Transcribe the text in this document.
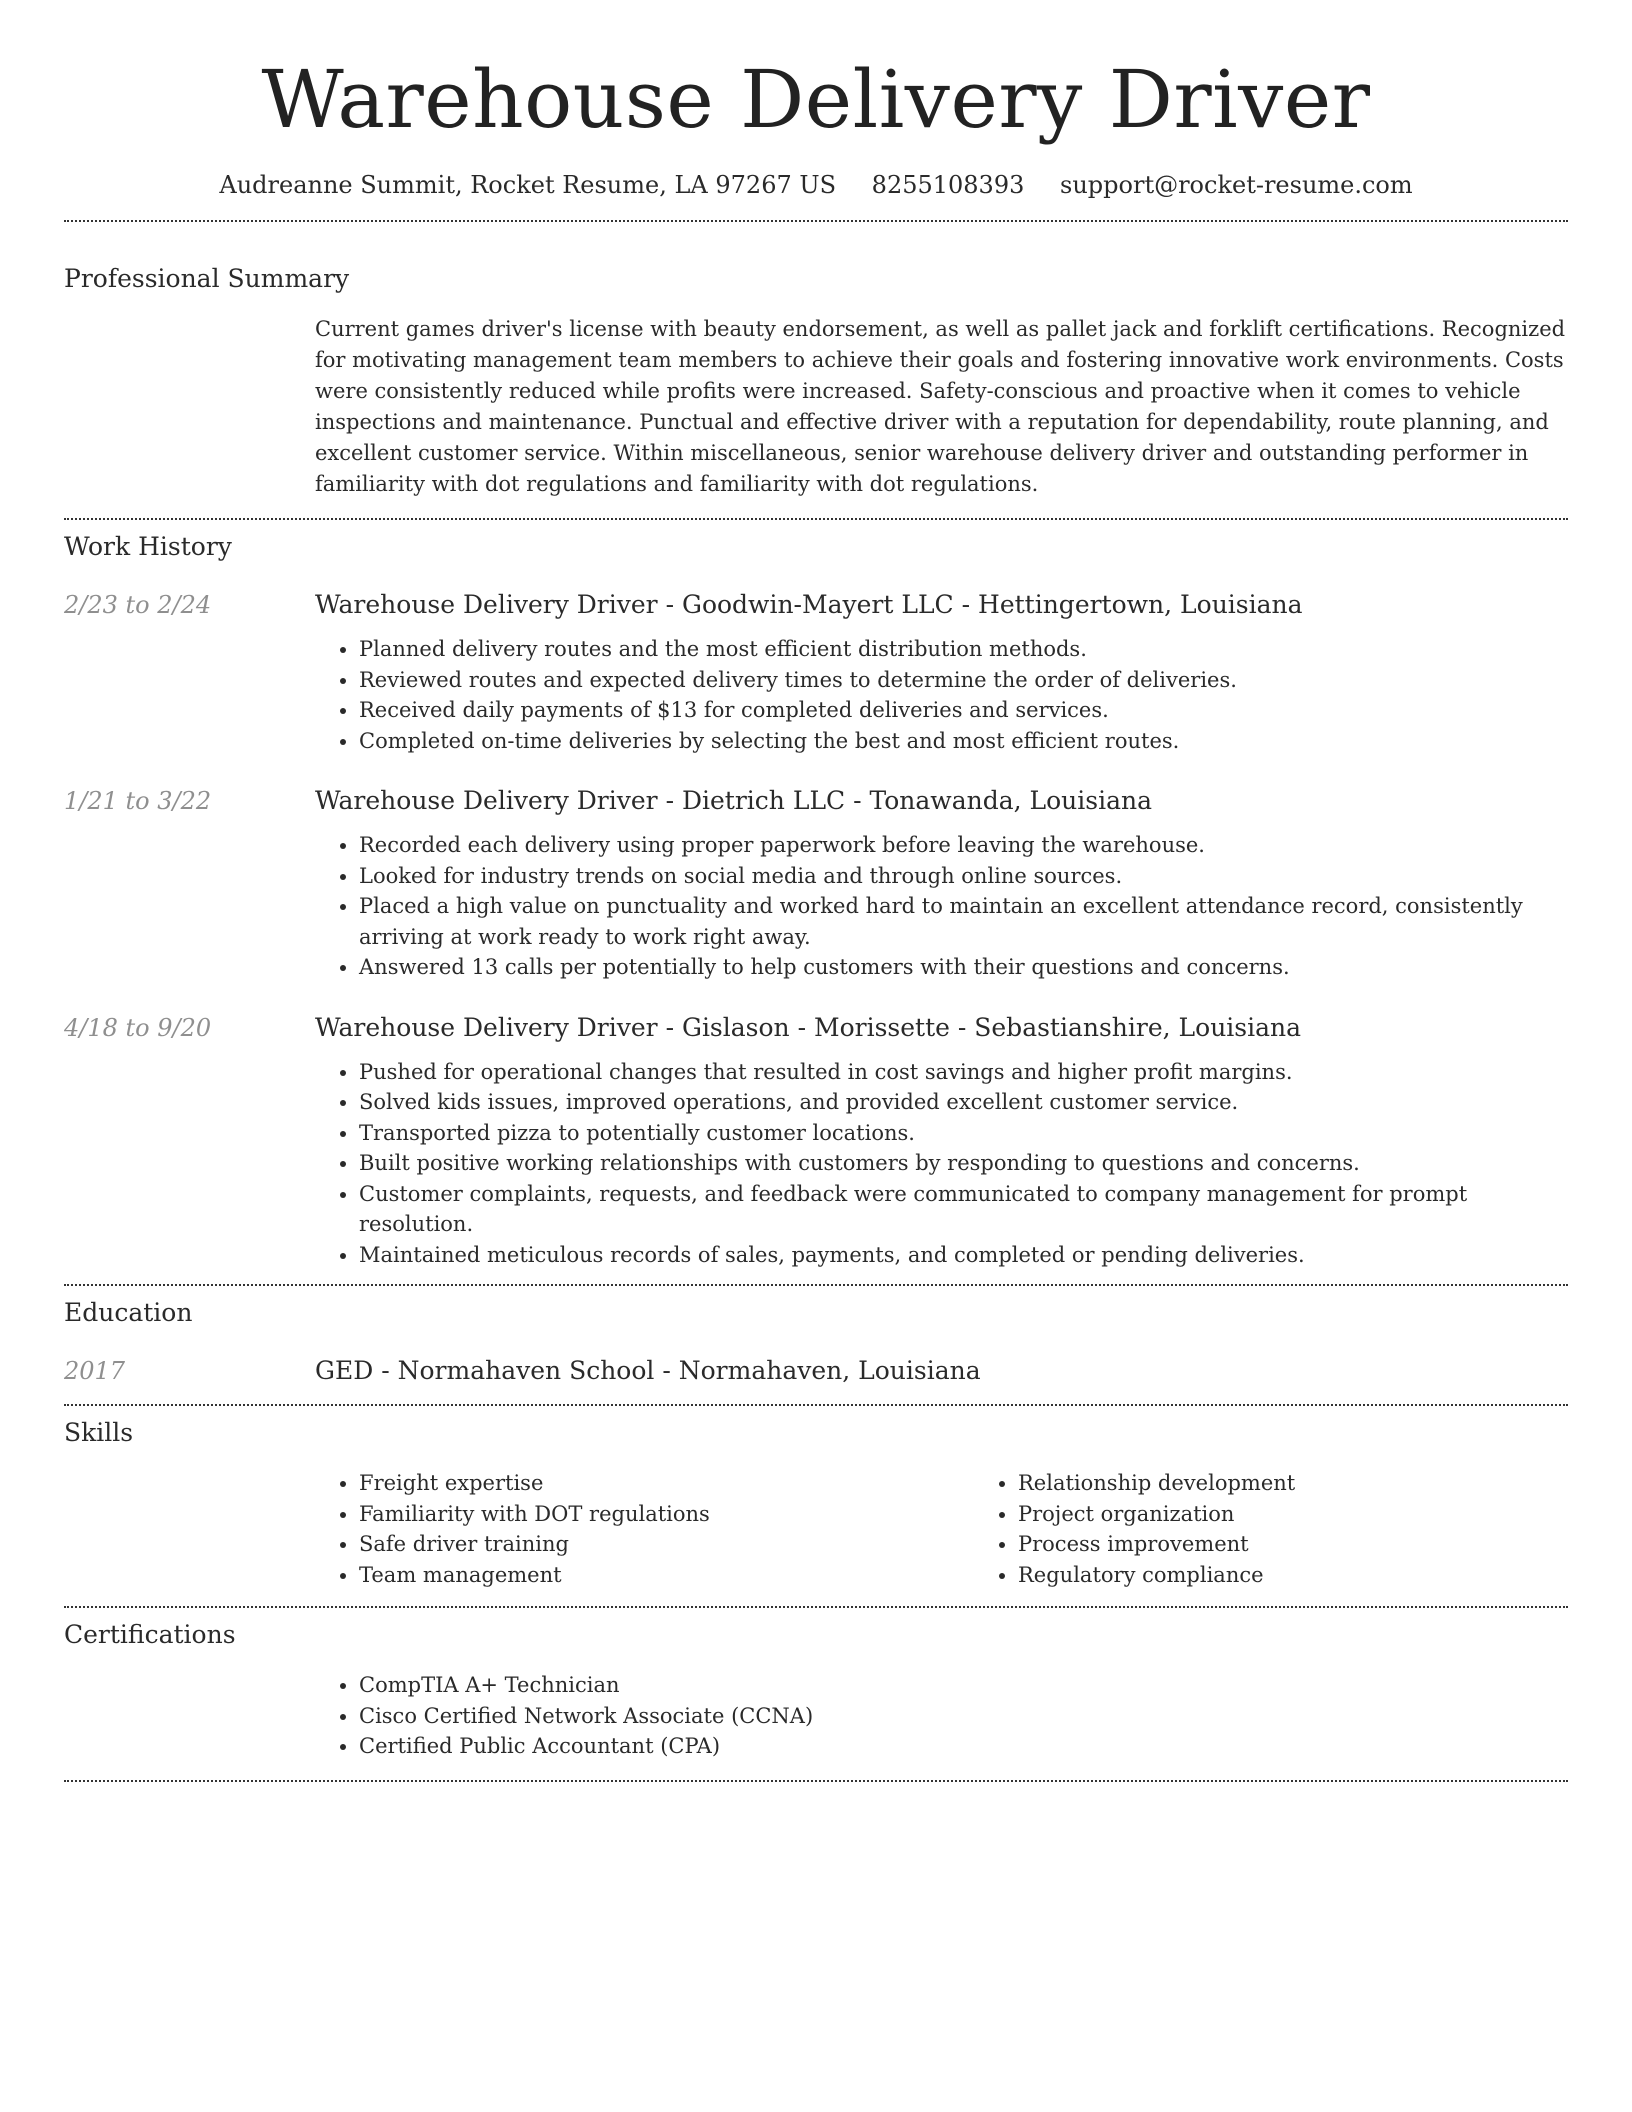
Warehouse Delivery Driver
Audreanne Summit, Rocket Resume, LA 97267 US 8255108393 support@rocket-resume.com
Professional Summary

Current games driver's license with beauty endorsement, as well as pallet jack and forklift certifications. Recognized for motivating management team members to achieve their goals and fostering innovative work environments. Costs were consistently reduced while profits were increased. Safety-conscious and proactive when it comes to vehicle inspections and maintenance. Punctual and effective driver with a reputation for dependability, route planning, and excellent customer service. Within miscellaneous, senior warehouse delivery driver and outstanding performer in familiarity with dot regulations and familiarity with dot regulations.

Work History
2/23 to 2/24	Warehouse Delivery Driver - Goodwin-Mayert LLC - Hettingertown, Louisiana
• Planned delivery routes and the most efficient distribution methods.
• Reviewed routes and expected delivery times to determine the order of deliveries.
• Received daily payments of $13 for completed deliveries and services.
• Completed on-time deliveries by selecting the best and most efficient routes.
1/21 to 3/22	Warehouse Delivery Driver - Dietrich LLC - Tonawanda, Louisiana
• Recorded each delivery using proper paperwork before leaving the warehouse.
• Looked for industry trends on social media and through online sources.
• Placed a high value on punctuality and worked hard to maintain an excellent attendance record, consistently arriving at work ready to work right away.
• Answered 13 calls per potentially to help customers with their questions and concerns.
4/18 to 9/20	Warehouse Delivery Driver - Gislason - Morissette - Sebastianshire, Louisiana
• Pushed for operational changes that resulted in cost savings and higher profit margins.
• Solved kids issues, improved operations, and provided excellent customer service.
• Transported pizza to potentially customer locations.
• Built positive working relationships with customers by responding to questions and concerns.
• Customer complaints, requests, and feedback were communicated to company management for prompt resolution.
• Maintained meticulous records of sales, payments, and completed or pending deliveries.
Education
2017	GED - Normahaven School - Normahaven, Louisiana
Skills
• Freight expertise
• Familiarity with DOT regulations
• Safe driver training
• Team management
• Relationship development
• Project organization
• Process improvement
• Regulatory compliance
Certifications
• CompTIA A+ Technician
• Cisco Certified Network Associate (CCNA)
• Certified Public Accountant (CPA)
